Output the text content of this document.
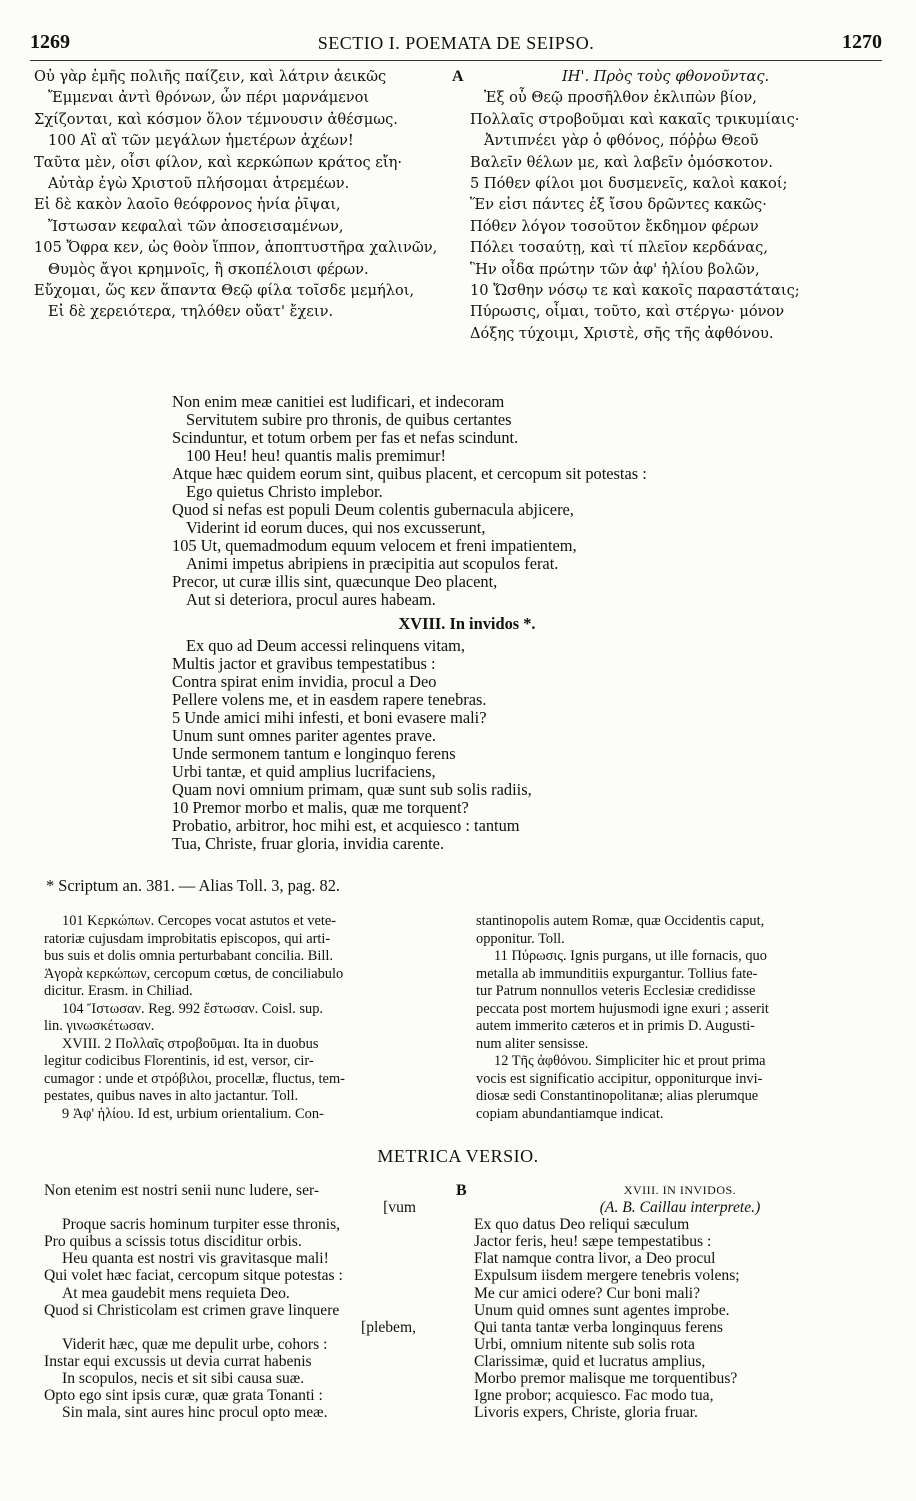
1269	SECTIO I. POEMATA DE SEIPSO.	1270
Οὐ γὰρ ἐμῆς πολιῆς παίζειν, καὶ λάτριν ἀεικῶς
Ἔμμεναι ἀντὶ θρόνων, ὧν πέρι μαρνάμενοι
Σχίζονται, καὶ κόσμον ὅλον τέμνουσιν ἀθέσμως.
100 Αἲ αἲ τῶν μεγάλων ἡμετέρων ἀχέων!
Ταῦτα μὲν, οἷσι φίλον, καὶ κερκώπων κράτος εἴη·
Αὐτὰρ ἐγὼ Χριστοῦ πλήσομαι ἀτρεμέων.
Εἰ δὲ κακὸν λαοῖο θεόφρονος ἡνία ῥῖψαι,
Ἴστωσαν κεφαλαὶ τῶν ἀποσεισαμένων,
105 Ὄφρα κεν, ὡς θοὸν ἵππον, ἀποπτυστῆρα χαλινῶν,
Θυμὸς ἄγοι κρημνοῖς, ἢ σκοπέλοισι φέρων.
Εὔχομαι, ὥς κεν ἅπαντα Θεῷ φίλα τοῖσδε μεμήλοι,
Εἰ δὲ χερειότερα, τηλόθεν οὔατ' ἔχειν.
A	ΙΗ'. Πρὸς τοὺς φθονοῦντας.
Ἐξ οὗ Θεῷ προσῆλθον ἐκλιπὼν βίον,
Πολλαῖς στροβοῦμαι καὶ κακαῖς τρικυμίαις·
Ἀντιπνέει γὰρ ὁ φθόνος, πόῤῥω Θεοῦ
Βαλεῖν θέλων με, καὶ λαβεῖν ὁμόσκοτον.
5 Πόθεν φίλοι μοι δυσμενεῖς, καλοὶ κακοί;
Ἕν εἰσι πάντες ἐξ ἴσου δρῶντες κακῶς·
Πόθεν λόγον τοσοῦτον ἔκδημον φέρων
Πόλει τοσαύτῃ, καὶ τί πλεῖον κερδάνας,
Ἣν οἶδα πρώτην τῶν ἀφ' ἡλίου βολῶν,
10 Ὤσθην νόσῳ τε καὶ κακοῖς παραστάταις;
Πύρωσις, οἶμαι, τοῦτο, καὶ στέργω· μόνον
Δόξης τύχοιμι, Χριστὲ, σῆς τῆς ἀφθόνου.
Non enim meæ canitiei est ludificari, et indecoram
Servitutem subire pro thronis, de quibus certantes
Scinduntur, et totum orbem per fas et nefas scindunt.
100 Heu! heu! quantis malis premimur!
Atque hæc quidem eorum sint, quibus placent, et cercopum sit potestas :
Ego quietus Christo implebor.
Quod si nefas est populi Deum colentis gubernacula abjicere,
Viderint id eorum duces, qui nos excusserunt,
105 Ut, quemadmodum equum velocem et freni impatientem,
Animi impetus abripiens in præcipitia aut scopulos ferat.
Precor, ut curæ illis sint, quæcunque Deo placent,
Aut si deteriora, procul aures habeam.
XVIII. In invidos *.
Ex quo ad Deum accessi relinquens vitam,
Multis jactor et gravibus tempestatibus :
Contra spirat enim invidia, procul a Deo
Pellere volens me, et in easdem rapere tenebras.
5 Unde amici mihi infesti, et boni evasere mali?
Unum sunt omnes pariter agentes prave.
Unde sermonem tantum e longinquo ferens
Urbi tantæ, et quid amplius lucrifaciens,
Quam novi omnium primam, quæ sunt sub solis radiis,
10 Premor morbo et malis, quæ me torquent?
Probatio, arbitror, hoc mihi est, et acquiesco : tantum
Tua, Christe, fruar gloria, invidia carente.
* Scriptum an. 381. — Alias Toll. 3, pag. 82.
101 Κερκώπων. Cercopes vocat astutos et vete-
ratoriæ cujusdam improbitatis episcopos, qui arti-
bus suis et dolis omnia perturbabant concilia. Bill.
Ἀγορὰ κερκώπων, cercopum cœtus, de conciliabulo
dicitur. Erasm. in Chiliad.
104 Ἴστωσαν. Reg. 992 ἔστωσαν. Coisl. sup.
lin. γινωσκέτωσαν.
XVIII. 2 Πολλαῖς στροβοῦμαι. Ita in duobus
legitur codicibus Florentinis, id est, versor, cir-
cumagor : unde et στρόβιλοι, procellæ, fluctus, tem-
pestates, quibus naves in alto jactantur. Toll.
9 Ἀφ' ἡλίου. Id est, urbium orientalium. Con-
stantinopolis autem Romæ, quæ Occidentis caput,
opponitur. Toll.
11 Πύρωσις. Ignis purgans, ut ille fornacis, quo
metalla ab immunditiis expurgantur. Tollius fate-
tur Patrum nonnullos veteris Ecclesiæ credidisse
peccata post mortem hujusmodi igne exuri ; asserit
autem immerito cæteros et in primis D. Augusti-
num aliter sensisse.
12 Τῆς ἀφθόνου. Simpliciter hic et prout prima
vocis est significatio accipitur, opponiturque invi-
diosæ sedi Constantinopolitanæ; alias plerumque
copiam abundantiamque indicat.
METRICA VERSIO.
B
Non etenim est nostri senii nunc ludere, ser-
[vum
Proque sacris hominum turpiter esse thronis,
Pro quibus a scissis totus disciditur orbis.
Heu quanta est nostri vis gravitasque mali!
Qui volet hæc faciat, cercopum sitque potestas :
At mea gaudebit mens requieta Deo.
Quod si Christicolam est crimen grave linquere
[plebem,
Viderit hæc, quæ me depulit urbe, cohors :
Instar equi excussis ut devia currat habenis
In scopulos, necis et sit sibi causa suæ.
Opto ego sint ipsis curæ, quæ grata Tonanti :
Sin mala, sint aures hinc procul opto meæ.
XVIII. IN INVIDOS.
(A. B. Caillau interprete.)
Ex quo datus Deo reliqui sæculum
Jactor feris, heu! sæpe tempestatibus :
Flat namque contra livor, a Deo procul
Expulsum iisdem mergere tenebris volens;
Me cur amici odere? Cur boni mali?
Unum quid omnes sunt agentes improbe.
Qui tanta tantæ verba longinquus ferens
Urbi, omnium nitente sub solis rota
Clarissimæ, quid et lucratus amplius,
Morbo premor malisque me torquentibus?
Igne probor; acquiesco. Fac modo tua,
Livoris expers, Christe, gloria fruar.
